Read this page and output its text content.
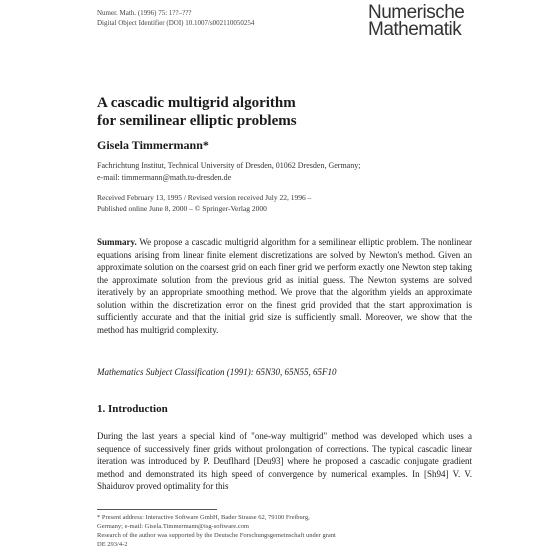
Numer. Math. (1996) 75: 1??–???
Digital Object Identifier (DOI) 10.1007/s002110050254	Numerische
Mathematik
A cascadic multigrid algorithm
for semilinear elliptic problems
Gisela Timmermann*
Fachrichtung Institut, Technical University of Dresden, 01062 Dresden, Germany;
e-mail: timmermann@math.tu-dresden.de
Received February 13, 1995 / Revised version received July 22, 1996 –
Published online June 8, 2000 – © Springer-Verlag 2000
Summary. We propose a cascadic multigrid algorithm for a semilinear elliptic problem. The nonlinear equations arising from linear finite element discretizations are solved by Newton's method. Given an approximate solution on the coarsest grid on each finer grid we perform exactly one Newton step taking the approximate solution from the previous grid as initial guess. The Newton systems are solved iteratively by an appropriate smoothing method. We prove that the algorithm yields an approximate solution within the discretization error on the finest grid provided that the start approximation is sufficiently accurate and that the initial grid size is sufficiently small. Moreover, we show that the method has multigrid complexity.
Mathematics Subject Classification (1991): 65N30, 65N55, 65F10
1. Introduction
During the last years a special kind of "one-way multigrid" method was developed which uses a sequence of successively finer grids without prolongation of corrections. The typical cascadic linear iteration was introduced by P. Deuflhard [Deu93] where he proposed a cascadic conjugate gradient method and demonstrated its high speed of convergence by numerical examples. In [Sh94] V. V. Shaidurov proved optimality for this
* Present address: Interactive Software GmbH, Bader Strasse 62, 79100 Freiburg,
Germany; e-mail: Gisela.Timmermann@isg-software.com
Research of the author was supported by the Deutsche Forschungsgemeinschaft under grant
DE 293/4-2
